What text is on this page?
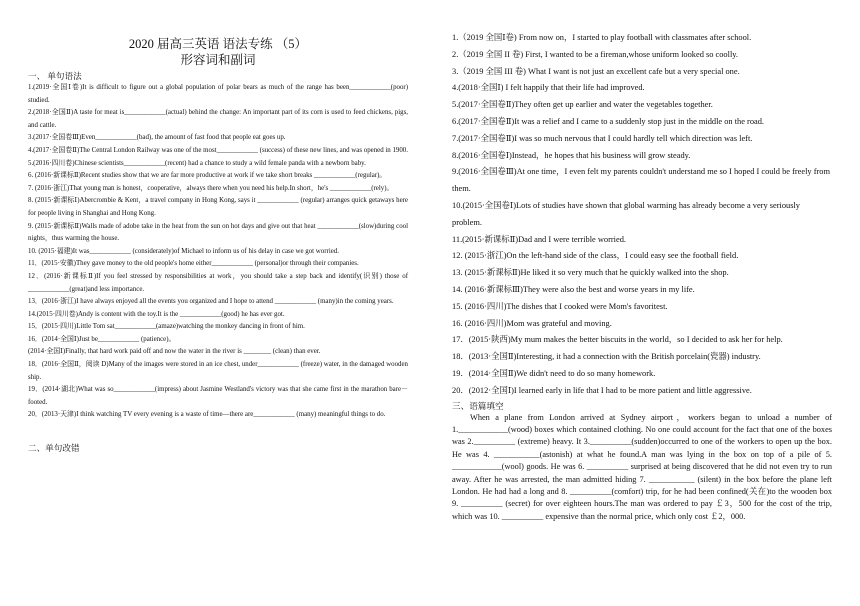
2020 届高三英语 语法专练 （5）
形容词和副词
一、 单句语法

1.(2019·全国Ⅰ卷)It is difficult to figure out a global population of polar bears as much of the range has been____________(poor) studied.

2.(2018·全国Ⅱ)A taste for meat is____________(actual) behind the change: An important part of its corn is used to feed chickens, pigs, and cattle.

3.(2017·全国卷Ⅲ)Even____________(bad), the amount of fast food that people eat goes up.

4.(2017·全国卷Ⅱ)The Central London Railway was one of the most____________ (success) of these new lines, and was opened in 1900.

5.(2016·四川卷)Chinese scientists____________(recent) had a chance to study a wild female panda with a newborn baby.

6. (2016·新课标Ⅱ)Recent studies show that we are far more productive at work if we take short breaks ____________(regular)。

7. (2016·浙江)That young man is honest，cooperative，always there when you need his help.In short，he's ____________(rely)。

8. (2015·新课标Ⅰ)Abercrombie & Kent，a travel company in Hong Kong, says it ____________ (regular) arranges quick getaways here for people living in Shanghai and Hong Kong.

9. (2015·新课标Ⅱ)Walls made of adobe take in the heat from the sun on hot days and give out that heat ____________(slow)during cool nights，thus warming the house.

10. (2015·福建)It was____________ (considerately)of Michael to inform us of his delay in case we got worried.

11．(2015·安徽)They gave money to the old people's home either____________ (personal)or through their companies.

12．(2016·新课标Ⅱ)If you feel stressed by responsibilities at work，you should take a step back and identify(识别) those of ____________(great)and less importance.

13．(2016·浙江)I have always enjoyed all the events you organized and I hope to attend ____________ (many)in the coming years.

14.(2015·四川卷)Andy is content with the toy.It is the ____________(good) he has ever got.

15．(2015·四川)Little Tom sat____________(amaze)watching the monkey dancing in front of him.

16．(2014·全国Ⅰ)Just be____________ (patience)。

(2014·全国Ⅰ)Finally, that hard work paid off and now the water in the river is ________ (clean) than ever.

18．(2016·全国Ⅱ，阅读 D)Many of the images were stored in an ice chest, under____________ (freeze) water, in the damaged wooden ship.

19．(2014·湖北)What was so____________(impress) about Jasmine Westland's victory was that she came first in the marathon bare－footed.

20．(2013·天津)I think watching TV every evening is a waste of time—there are____________ (many) meaningful things to do.

二、单句改错

1.（2019 全国Ⅰ卷) From now on，I started to play football with classmates after school.

2.（2019 全国 II 卷) First, I wanted to be a fireman,whose uniform looked so coolly.

3.（2019 全国 III 卷) What I want is not just an excellent cafe but a very special one.

4.(2018·全国Ⅰ) I felt happily that their life had improved.

5.(2017·全国卷Ⅱ)They often get up earlier and water the vegetables together.

6.(2017·全国卷Ⅱ)It was a relief and I came to a suddenly stop just in the middle on the road.

7.(2017·全国卷Ⅱ)I was so much nervous that I could hardly tell which direction was left.

8.(2016·全国卷Ⅰ)Instead，he hopes that his business will grow steady.

9.(2016·全国卷Ⅲ)At one time，I even felt my parents couldn't understand me so I hoped I could be freely from them.

10.(2015·全国卷Ⅰ)Lots of studies have shown that global warming has already become a very seriously problem.

11.(2015·新课标Ⅱ)Dad and I were terrible worried.

12. (2015·浙江)On the left-hand side of the class，I could easy see the football field.

13. (2015·新课标Ⅱ)He liked it so very much that he quickly walked into the shop.

14. (2016·新课标Ⅲ)They were also the best and worse years in my life.

15. (2016·四川)The dishes that I cooked were Mom's favoritest.

16. (2016·四川)Mom was grateful and moving.

17．(2015·陕西)My mum makes the better biscuits in the world，so I decided to ask her for help.

18．(2013·全国Ⅱ)Interesting, it had a connection with the British porcelain(瓷器) industry.

19．(2014·全国Ⅱ)We didn't need to do so many homework.

20．(2012·全国Ⅰ)I learned early in life that I had to be more patient and little aggressive.

三、语篇填空

When a plane from London arrived at Sydney airport，workers began to unload a number of 1.____________(wood) boxes which contained clothing. No one could account for the fact that one of the boxes was 2.__________ (extreme) heavy. It 3.__________(sudden)occurred to one of the workers to open up the box. He was 4. ___________(astonish) at what he found.A man was lying in the box on top of a pile of 5. ____________(wool) goods. He was 6. __________ surprised at being discovered that he did not even try to run away. After he was arrested, the man admitted hiding 7. ___________ (silent) in the box before the plane left London. He had had a long and 8. __________(comfort) trip, for he had been confined(关在)to the wooden box 9. __________ (secret) for over eighteen hours.The man was ordered to pay ￡3，500 for the cost of the trip, which was 10. __________ expensive than the normal price, which only cost ￡2，000.
